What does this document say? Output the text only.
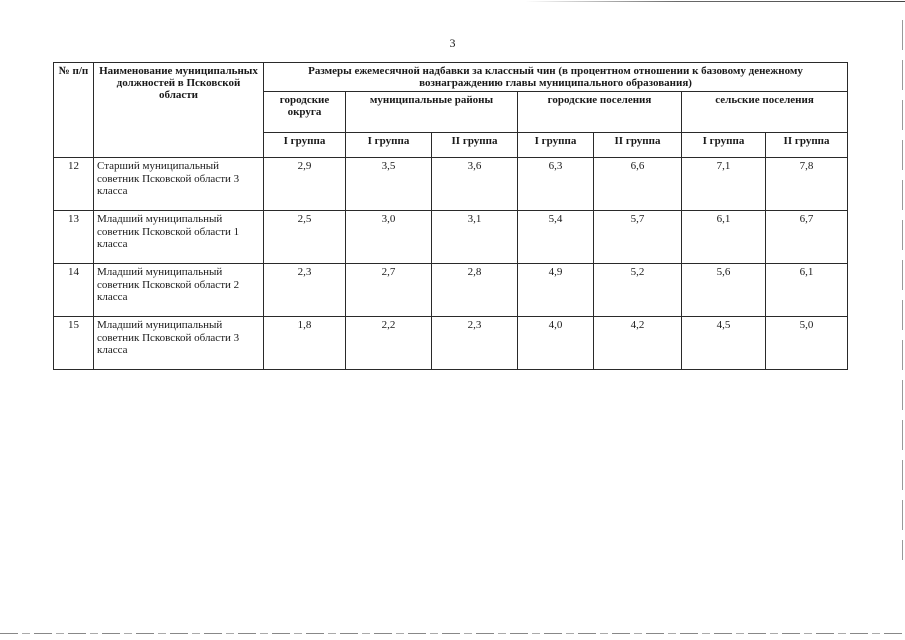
3
№ п/п	Наименование муниципальных должностей в Псковской области	Размеры ежемесячной надбавки за классный чин (в процентном отношении к базовому денежному вознаграждению главы муниципального образования)						
		городские округа	муниципальные районы		городские поселения		сельские поселения	
		I группа	I группа	II группа	I группа	II группа	I группа	II группа
12	Старший муниципальный советник Псковской области 3 класса	2,9	3,5	3,6	6,3	6,6	7,1	7,8
13	Младший муниципальный советник Псковской области 1 класса	2,5	3,0	3,1	5,4	5,7	6,1	6,7
14	Младший муниципальный советник Псковской области 2 класса	2,3	2,7	2,8	4,9	5,2	5,6	6,1
15	Младший муниципальный советник Псковской области 3 класса	1,8	2,2	2,3	4,0	4,2	4,5	5,0
